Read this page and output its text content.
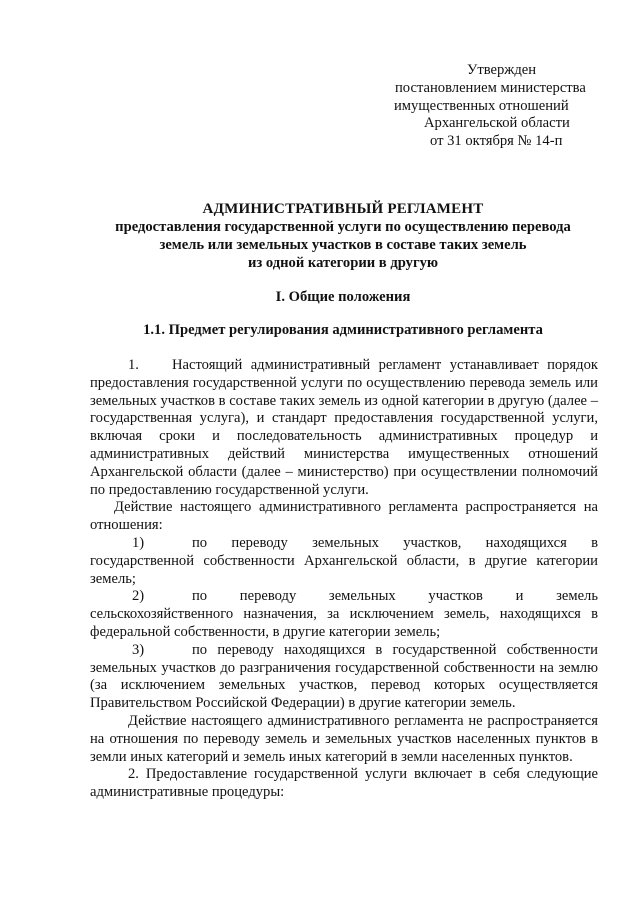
Утвержден
постановлением министерства
имущественных отношений
Архангельской области
от 31 октября № 14-п
АДМИНИСТРАТИВНЫЙ РЕГЛАМЕНТ
предоставления государственной услуги по осуществлению перевода
земель или земельных участков в составе таких земель
из одной категории в другую
I. Общие положения
1.1. Предмет регулирования административного регламента

1. Настоящий административный регламент устанавливает порядок предоставления государственной услуги по осуществлению перевода земель или земельных участков в составе таких земель из одной категории в другую (далее – государственная услуга), и стандарт предоставления государственной услуги, включая сроки и последовательность административных процедур и административных действий министерства имущественных отношений Архангельской области (далее – министерство) при осуществлении полномочий по предоставлению государственной услуги.

Действие настоящего административного регламента распространяется на отношения:

1)	по переводу земельных участков, находящихся в государственной собственности Архангельской области, в другие категории земель;

2)	по переводу земельных участков и земель сельскохозяйственного назначения, за исключением земель, находящихся в федеральной собственности, в другие категории земель;

3)	по переводу находящихся в государственной собственности земельных участков до разграничения государственной собственности на землю (за исключением земельных участков, перевод которых осуществляется Правительством Российской Федерации) в другие категории земель.

Действие настоящего административного регламента не распространяется на отношения по переводу земель и земельных участков населенных пунктов в земли иных категорий и земель иных категорий в земли населенных пунктов.

2. Предоставление государственной услуги включает в себя следующие административные процедуры:
